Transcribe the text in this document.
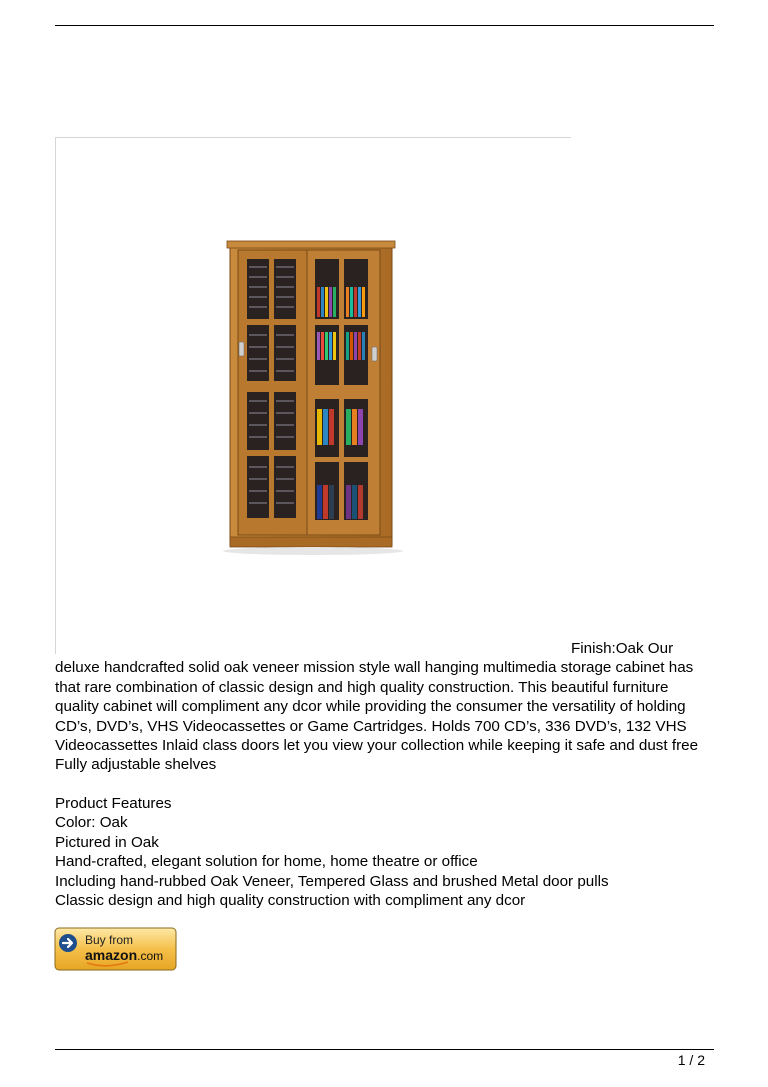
Finish:Oak Our
deluxe handcrafted solid oak veneer mission style wall hanging multimedia storage cabinet has that rare combination of classic design and high quality construction. This beautiful furniture quality cabinet will compliment any dcor while providing the consumer the versatility of holding CD’s, DVD’s, VHS Videocassettes or Game Cartridges. Holds 700 CD’s, 336 DVD’s, 132 VHS Videocassettes Inlaid class doors let you view your collection while keeping it safe and dust free Fully adjustable shelves
Product Features
Color: Oak
Pictured in Oak
Hand-crafted, elegant solution for home, home theatre or office
Including hand-rubbed Oak Veneer, Tempered Glass and brushed Metal door pulls
Classic design and high quality construction with compliment any dcor
Buy from
amazon.com
1 / 2
